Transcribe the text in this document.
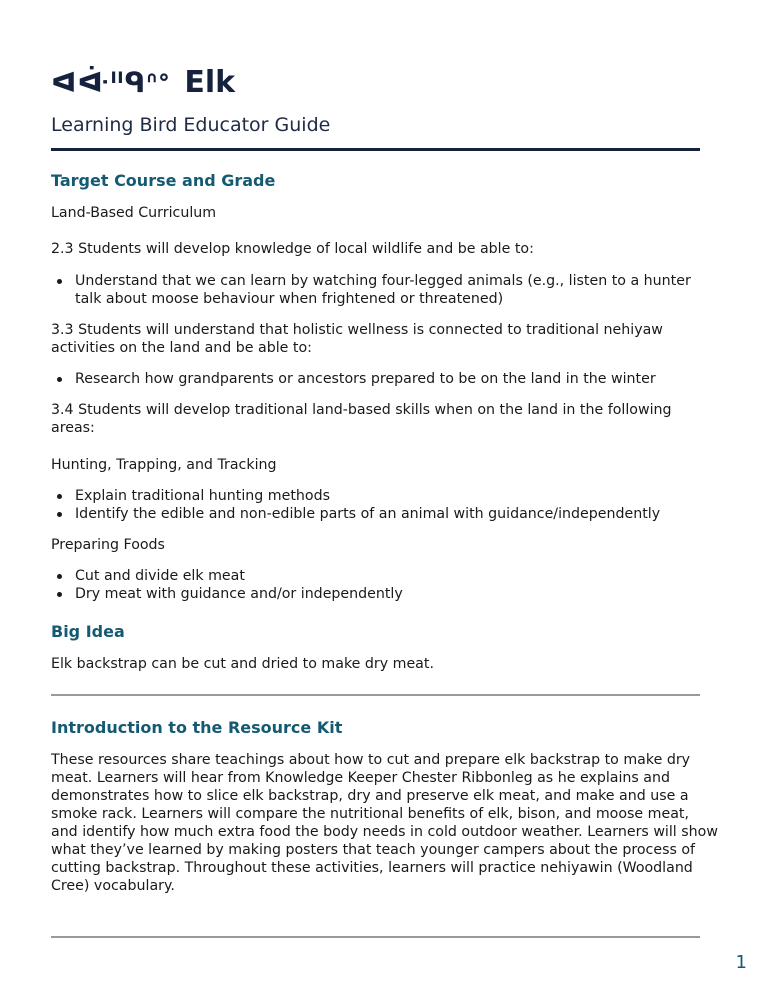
ᐊᐚᐦᑫᐢᐤ Elk
Learning Bird Educator Guide
Target Course and Grade
Land-Based Curriculum
2.3 Students will develop knowledge of local wildlife and be able to:
Understand that we can learn by watching four-legged animals (e.g., listen to a hunter talk about moose behaviour when frightened or threatened)
3.3 Students will understand that holistic wellness is connected to traditional nehiyaw activities on the land and be able to:
Research how grandparents or ancestors prepared to be on the land in the winter
3.4 Students will develop traditional land-based skills when on the land in the following areas:
Hunting, Trapping, and Tracking
Explain traditional hunting methods
Identify the edible and non-edible parts of an animal with guidance/independently
Preparing Foods
Cut and divide elk meat
Dry meat with guidance and/or independently
Big Idea
Elk backstrap can be cut and dried to make dry meat.
Introduction to the Resource Kit
These resources share teachings about how to cut and prepare elk backstrap to make dry meat. Learners will hear from Knowledge Keeper Chester Ribbonleg as he explains and demonstrates how to slice elk backstrap, dry and preserve elk meat, and make and use a smoke rack. Learners will compare the nutritional benefits of elk, bison, and moose meat, and identify how much extra food the body needs in cold outdoor weather. Learners will show what they’ve learned by making posters that teach younger campers about the process of cutting backstrap. Throughout these activities, learners will practice nehiyawin (Woodland Cree) vocabulary.
1
